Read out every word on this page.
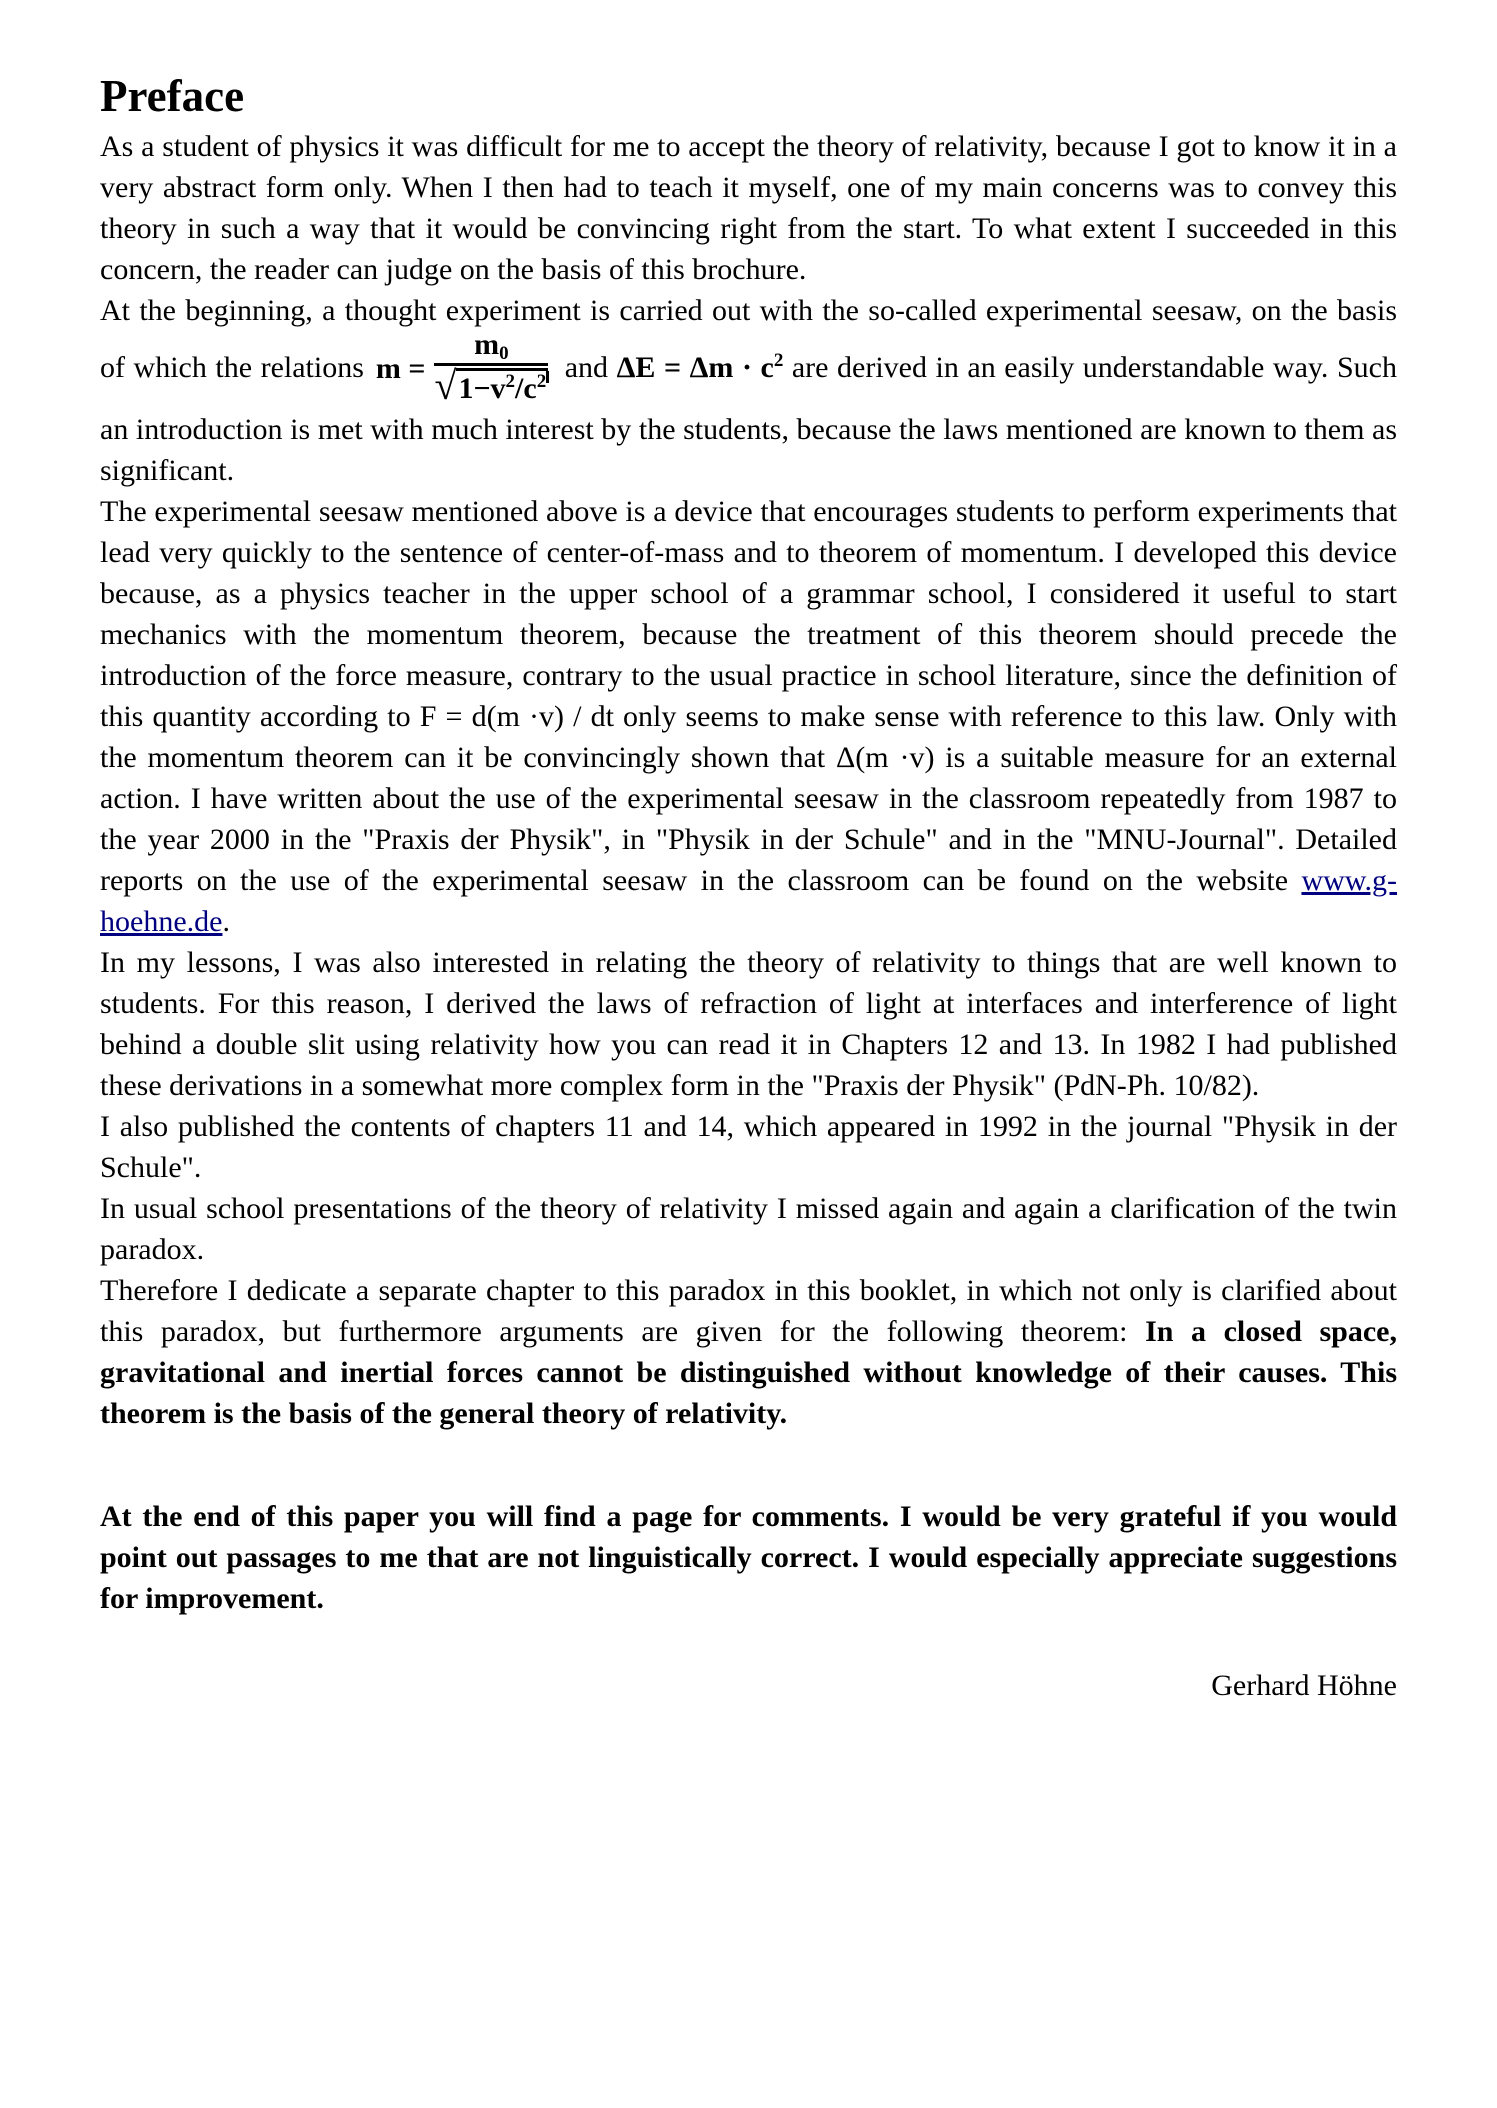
Preface

As a student of physics it was difficult for me to accept the theory of relativity, because I got to know it in a very abstract form only. When I then had to teach it myself, one of my main concerns was to convey this theory in such a way that it would be convincing right from the start. To what extent I succeeded in this concern, the reader can judge on the basis of this brochure.

At the beginning, a thought experiment is carried out with the so-called experimental seesaw, on the basis of which the relations $m = \frac{m_0}{√ 1-v^2/c^2}$ and $\Delta E = \Delta m \cdot c^2$ are derived in an easily understandable way. Such an introduction is met with much interest by the students, because the laws mentioned are known to them as significant.

The experimental seesaw mentioned above is a device that encourages students to perform experiments that lead very quickly to the sentence of center-of-mass and to theorem of momentum. I developed this device because, as a physics teacher in the upper school of a grammar school, I considered it useful to start mechanics with the momentum theorem, because the treatment of this theorem should precede the introduction of the force measure, contrary to the usual practice in school literature, since the definition of this quantity according to F = d(m ·v) / dt only seems to make sense with reference to this law. Only with the momentum theorem can it be convincingly shown that Δ(m ·v) is a suitable measure for an external action. I have written about the use of the experimental seesaw in the classroom repeatedly from 1987 to the year 2000 in the "Praxis der Physik", in "Physik in der Schule" and in the "MNU-Journal". Detailed reports on the use of the experimental seesaw in the classroom can be found on the website www.g-hoehne.de.

In my lessons, I was also interested in relating the theory of relativity to things that are well known to students. For this reason, I derived the laws of refraction of light at interfaces and interference of light behind a double slit using relativity how you can read it in Chapters 12 and 13. In 1982 I had published these derivations in a somewhat more complex form in the "Praxis der Physik" (PdN-Ph. 10/82).

I also published the contents of chapters 11 and 14, which appeared in 1992 in the journal "Physik in der Schule".

In usual school presentations of the theory of relativity I missed again and again a clarification of the twin paradox.

Therefore I dedicate a separate chapter to this paradox in this booklet, in which not only is clarified about this paradox, but furthermore arguments are given for the following theorem: In a closed space, gravitational and inertial forces cannot be distinguished without knowledge of their causes. This theorem is the basis of the general theory of relativity.

At the end of this paper you will find a page for comments. I would be very grateful if you would point out passages to me that are not linguistically correct. I would especially appreciate suggestions for improvement.

Gerhard Höhne
